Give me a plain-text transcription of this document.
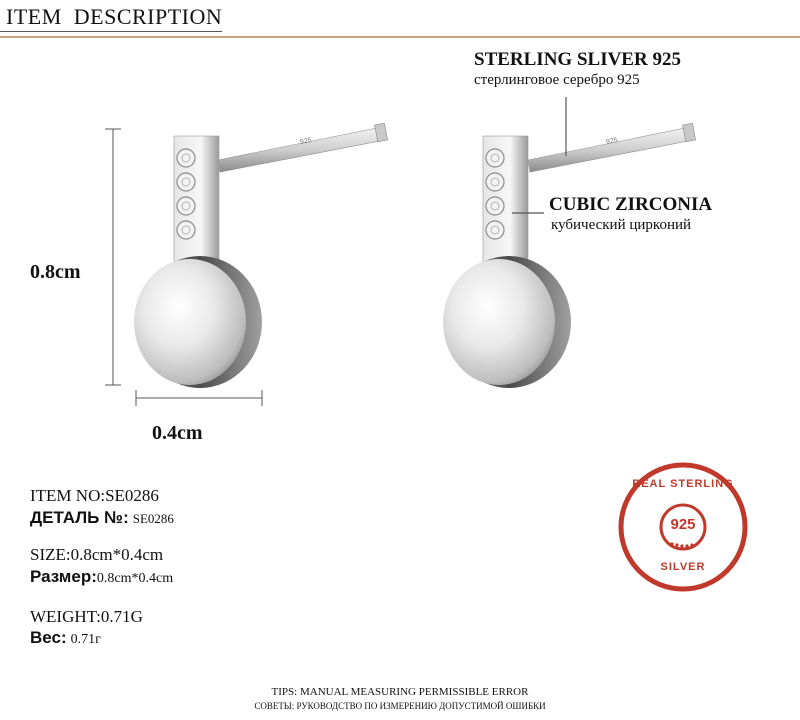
ITEM DESCRIPTION
925	925
0.8cm
0.4cm
STERLING SLIVER 925
стерлинговое серебро 925
CUBIC ZIRCONIA
кубический цирконий
ITEM NO:SE0286
ДЕТАЛЬ №: SE0286
SIZE:0.8cm*0.4cm
Размер:0.8cm*0.4cm
WEIGHT:0.71G
Вес: 0.71г
REAL STERLING
925
SILVER
TIPS: MANUAL MEASURING PERMISSIBLE ERROR
СОВЕТЫ: РУКОВОДСТВО ПО ИЗМЕРЕНИЮ ДОПУСТИМОЙ ОШИБКИ
